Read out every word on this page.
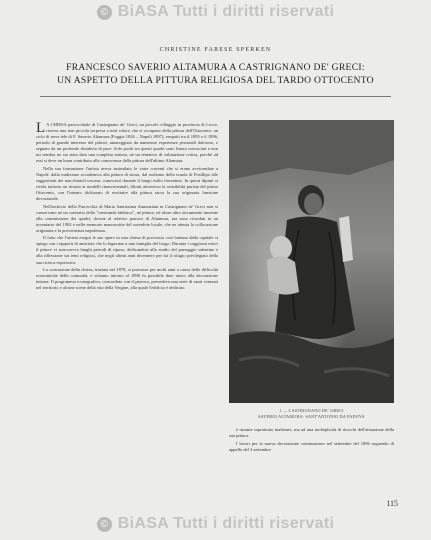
© BiASA Tutti i diritti riservati
CHRISTINE FARESE SPERKEN
FRANCESCO SAVERIO ALTAMURA A CASTRIGNANO DE' GRECI:
UN ASPETTO DELLA PITTURA RELIGIOSA DEL TARDO OTTOCENTO

L A CHIESA parrocchiale di Castrignano de' Greci, un piccolo villaggio in provincia di Lecce, riserva una non piccola sorpresa a tutti coloro che si occupano della pittura dell'Ottocento: un ciclo di nove tele di F. Saverio Altamura (Foggia 1826 – Napoli 1897), eseguiti tra il 1895 e il 1896, periodo di grande interesse del pittore, amareggiato da numerose esperienze personali dolorose, e segnato da un profondo desiderio di pace. Solo pochi tra questi quadri sono finora conosciuti e non mi sembra ne sia stata data una completa notizia, né un tentativo di valutazione critica, perché ad essi si deve un buon contributo alla conoscenza della pittura dell'ultimo Altamura.

Nella sua formazione l'artista aveva assimilato le varie correnti che si erano avvicendate a Napoli: dalla tradizione accademica alla pittura di storia, dal realismo della scuola di Posillipo alle suggestioni dei macchiaioli toscani, conosciuti durante il lungo esilio fiorentino. In questi dipinti si rivela tuttavia un ritorno ai modelli rinascimentali, filtrati attraverso la sensibilità purista del primo Ottocento, con l'intento dichiarato di restituire alla pittura sacra la sua originaria funzione devozionale.

Nell'archivio della Parrocchia di Maria Santissima Annunziata in Castrignano de' Greci non si conservano né un contratto della "veneranda fabbrica", né pitture, né alcun altro documento inerente alla commissione dei quadri, dovute al relativo parroco di Altamura, ma sono ricordati in un inventario del 1902 e nelle memorie manoscritte del sacerdote locale, che ne attesta la collocazione originaria e la provenienza napoletana.

Il fatto che l'artista eseguì le sue opere in una chiesa di provincia così lontana dalla capitale si spiega con i rapporti di amicizia che lo legavano a una famiglia del luogo. Durante i soggiorni estivi il pittore vi trascorreva lunghi periodi di riposo, dedicandosi allo studio del paesaggio salentino e alla riflessione sui temi religiosi, che negli ultimi anni divennero per lui il rifugio privilegiato della sua ricerca espressiva.

La costruzione della chiesa, iniziata nel 1878, si protrasse per molti anni a causa delle difficoltà economiche della comunità, e soltanto intorno al 1890 fu possibile dare inizio alla decorazione interna. Il programma iconografico, concordato con il parroco, prevedeva una serie di santi venerati nel territorio e alcune scene della vita della Vergine, alla quale l'edificio è dedicato.

1 — CASTRIGNANO DE' GRECI
SAVERIO ALTAMURA: SANT'ANTONIO DA PADOVA

è rimaste soprattutto inalterate, ma ad una molteplicità di ritocchi dell'attuazione della sua pittura.

I lavori per la nuova decorazione continuarono nel settembre del 1896 seguendo di appello del 3 settembre

115
© BiASA Tutti i diritti riservati
